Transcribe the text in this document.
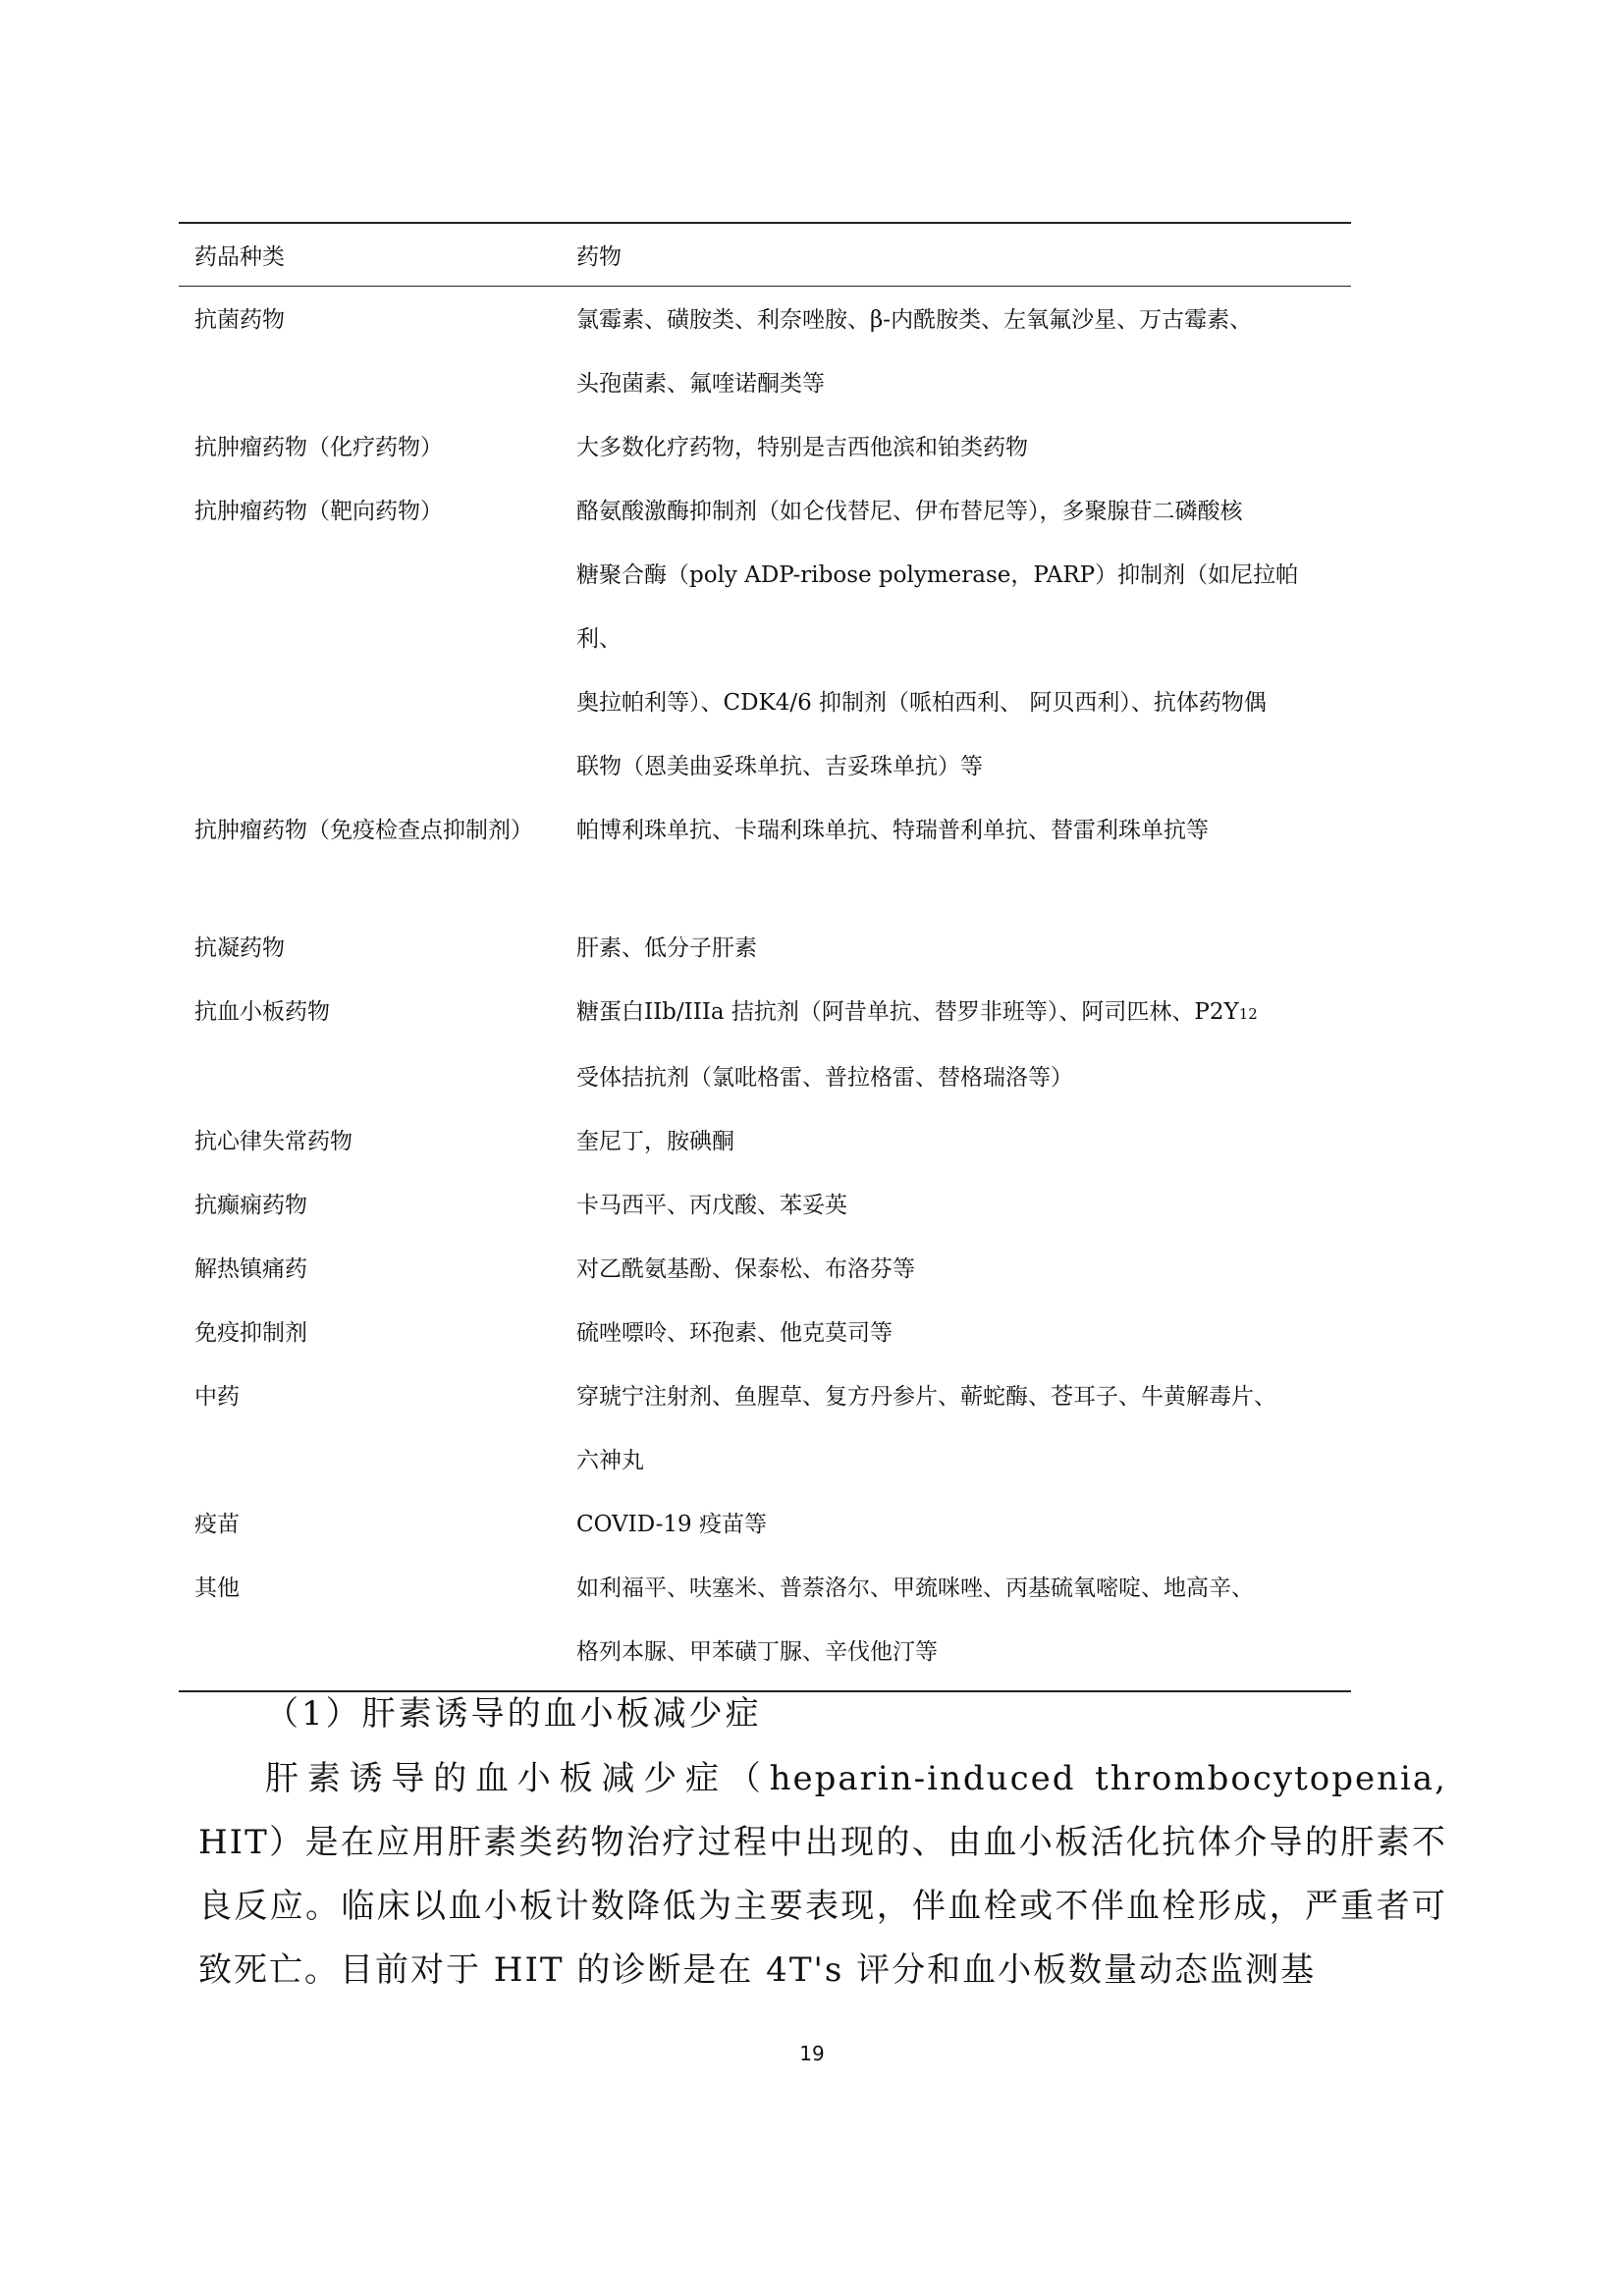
药品种类	药物
抗菌药物	氯霉素、磺胺类、利奈唑胺、β-内酰胺类、左氧氟沙星、万古霉素、
头孢菌素、氟喹诺酮类等
抗肿瘤药物（化疗药物）	大多数化疗药物，特别是吉西他滨和铂类药物
抗肿瘤药物（靶向药物）	酪氨酸激酶抑制剂（如仑伐替尼、伊布替尼等），多聚腺苷二磷酸核
糖聚合酶（poly ADP-ribose polymerase，PARP）抑制剂（如尼拉帕利、
奥拉帕利等）、CDK4/6 抑制剂（哌柏西利、 阿贝西利）、抗体药物偶
联物（恩美曲妥珠单抗、吉妥珠单抗）等
抗肿瘤药物（免疫检查点抑制剂）	帕博利珠单抗、卡瑞利珠单抗、特瑞普利单抗、替雷利珠单抗等
抗凝药物	肝素、低分子肝素
抗血小板药物	糖蛋白IIb/IIIa 拮抗剂（阿昔单抗、替罗非班等）、阿司匹林、P2Y12
受体拮抗剂（氯吡格雷、普拉格雷、替格瑞洛等）
抗心律失常药物	奎尼丁，胺碘酮
抗癫痫药物	卡马西平、丙戊酸、苯妥英
解热镇痛药	对乙酰氨基酚、保泰松、布洛芬等
免疫抑制剂	硫唑嘌呤、环孢素、他克莫司等
中药	穿琥宁注射剂、鱼腥草、复方丹参片、蕲蛇酶、苍耳子、牛黄解毒片、
六神丸
疫苗	COVID-19 疫苗等
其他	如利福平、呋塞米、普萘洛尔、甲巯咪唑、丙基硫氧嘧啶、地高辛、
格列本脲、甲苯磺丁脲、辛伐他汀等
（1）肝素诱导的血小板减少症
肝素诱导的血小板减少症（heparin-induced thrombocytopenia, HIT）是在应用肝素类药物治疗过程中出现的、由血小板活化抗体介导的肝素不良反应。临床以血小板计数降低为主要表现，伴血栓或不伴血栓形成，严重者可致死亡。目前对于 HIT 的诊断是在 4T's 评分和血小板数量动态监测基
19
